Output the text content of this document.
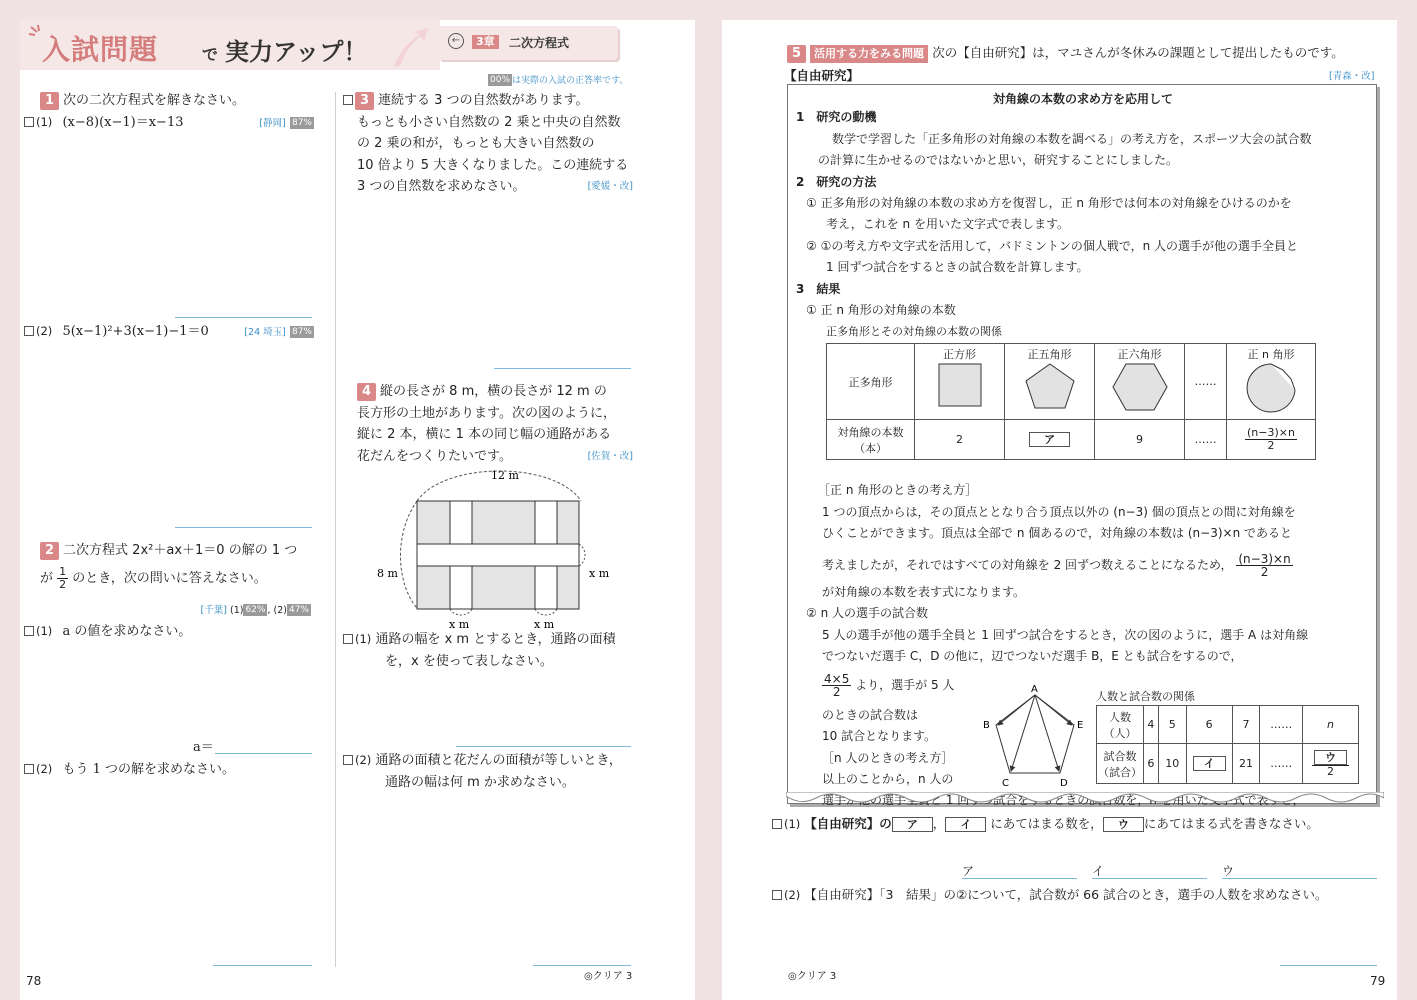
入試問題	で 実力アップ！	←	3章	二次方程式
00% は実際の入試の正答率です。
1 次の二次方程式を解きなさい。
(1) (x−8)(x−1)＝x−13	[静岡] 87%
(2) 5(x−1)²+3(x−1)−1＝0	[24 埼玉] 87%
2 二次方程式 2x²＋ax＋1＝0 の解の 1 つ
が $\frac{1}{2}$ のとき，次の問いに答えなさい。
[千葉] (1) 62% , (2) 47%
(1) a の値を求めなさい。
a＝
(2) もう 1 つの解を求めなさい。
3 連続する 3 つの自然数があります。
もっとも小さい自然数の 2 乗と中央の自然数
の 2 乗の和が，もっとも大きい自然数の
10 倍より 5 大きくなりました。この連続する
3 つの自然数を求めなさい。	[愛媛・改]
4 縦の長さが 8 m，横の長さが 12 m の
長方形の土地があります。次の図のように，
縦に 2 本，横に 1 本の同じ幅の通路がある
花だんをつくりたいです。	[佐賀・改]
12 m
8 m	x m
x m	x m
(1) 通路の幅を x m とするとき，通路の面積
を，x を使って表しなさい。
(2) 通路の面積と花だんの面積が等しいとき，
通路の幅は何 m か求めなさい。
78	◎クリア 3
5 活用する力をみる問題 次の【自由研究】は，マユさんが冬休みの課題として提出したものです。
【自由研究】	[青森・改]
対角線の本数の求め方を応用して
1　研究の動機
数学で学習した「正多角形の対角線の本数を調べる」の考え方を，スポーツ大会の試合数
の計算に生かせるのではないかと思い，研究することにしました。
2　研究の方法
① 正多角形の対角線の本数の求め方を復習し，正 n 角形では何本の対角線をひけるのかを
考え，これを n を用いた文字式で表します。
② ①の考え方や文字式を活用して，バドミントンの個人戦で，n 人の選手が他の選手全員と
1 回ずつ試合をするときの試合数を計算します。
3　結果
① 正 n 角形の対角線の本数
正多角形とその対角線の本数の関係
正多角形	正方形	正五角形	正六角形	……	正 n 角形

対角線の本数（本）	2	ア	9	……	$\frac{(n-3)\times n}{2}$
［正 n 角形のときの考え方］
1 つの頂点からは，その頂点ととなり合う頂点以外の (n−3) 個の頂点との間に対角線を
ひくことができます。頂点は全部で n 個あるので，対角線の本数は (n−3)×n であると
考えましたが，それではすべての対角線を 2 回ずつ数えることになるため， $\frac{(n-3)\times n}{2}$
が対角線の本数を表す式になります。
② n 人の選手の試合数
5 人の選手が他の選手全員と 1 回ずつ試合をするとき，次の図のように，選手 A は対角線
でつないだ選手 C，D の他に，辺でつないだ選手 B，E とも試合をするので，
$\frac{4\times 5}{2}$ より，選手が 5 人
のときの試合数は
10 試合となります。
［n 人のときの考え方］
以上のことから，n 人の
選手が他の選手全員と 1 回ずつ試合をするときの試合数を，n を用いた文字式で表すと，
A
B
C	D
E
人数と試合数の関係
人数（人）	4	5	6	7	……	n
試合数（試合）	6	10	イ	21	……	$\frac{\text{ウ}}{2}$
(1) 【自由研究】の ア ， イ にあてはまる数を， ウ にあてはまる式を書きなさい。
ア	イ	ウ
(2) 【自由研究】「3　結果」の②について，試合数が 66 試合のとき，選手の人数を求めなさい。
◎クリア 3	79
